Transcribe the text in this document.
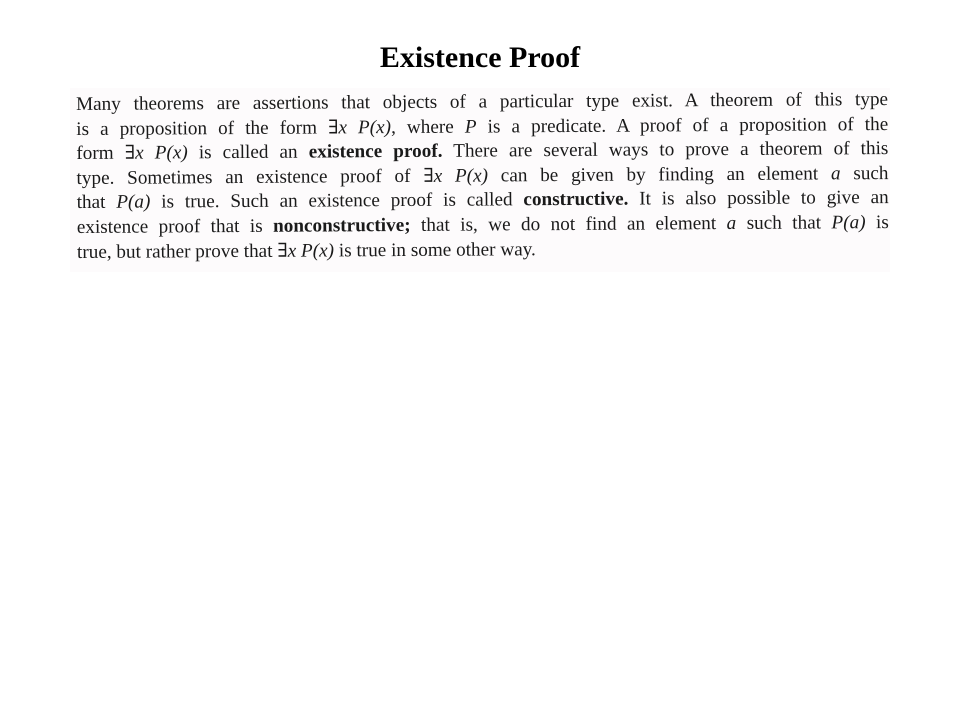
Existence Proof

Many theorems are assertions that objects of a particular type exist. A theorem of this type
is a proposition of the form ∃x P(x), where P is a predicate. A proof of a proposition of the
form ∃x P(x) is called an existence proof. There are several ways to prove a theorem of this
type. Sometimes an existence proof of ∃x P(x) can be given by finding an element a such
that P(a) is true. Such an existence proof is called constructive. It is also possible to give an
existence proof that is nonconstructive; that is, we do not find an element a such that P(a) is
true, but rather prove that ∃x P(x) is true in some other way.
